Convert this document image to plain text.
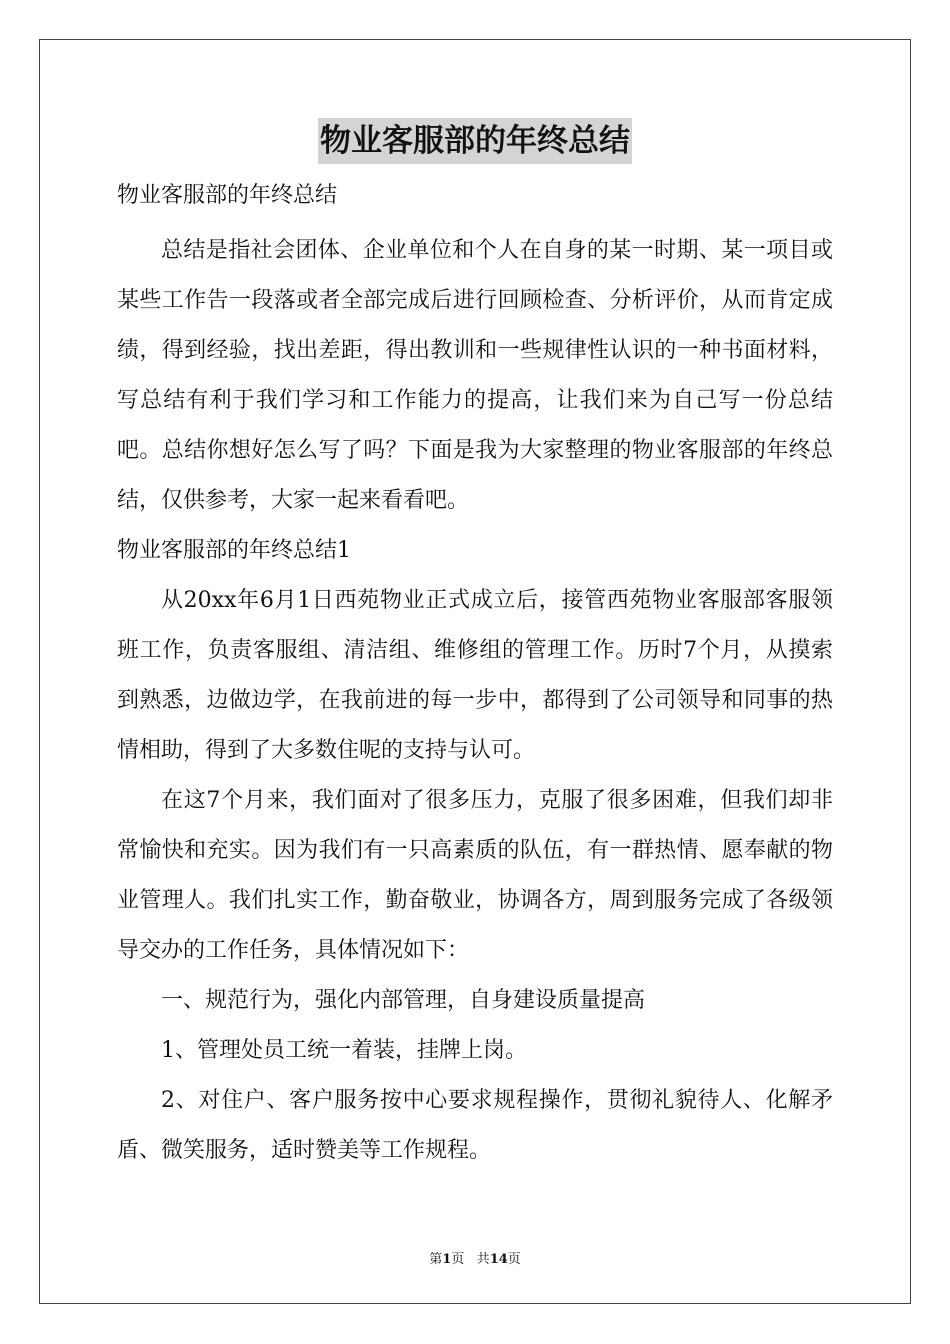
物业客服部的年终总结

物业客服部的年终总结

总结是指社会团体、企业单位和个人在自身的某一时期、某一项目或某些工作告一段落或者全部完成后进行回顾检查、分析评价，从而肯定成绩，得到经验，找出差距，得出教训和一些规律性认识的一种书面材料，写总结有利于我们学习和工作能力的提高，让我们来为自己写一份总结吧。总结你想好怎么写了吗？下面是我为大家整理的物业客服部的年终总结，仅供参考，大家一起来看看吧。

物业客服部的年终总结1

从20xx年6月1日西苑物业正式成立后，接管西苑物业客服部客服领班工作，负责客服组、清洁组、维修组的管理工作。历时7个月，从摸索到熟悉，边做边学，在我前进的每一步中，都得到了公司领导和同事的热情相助，得到了大多数住呢的支持与认可。

在这7个月来，我们面对了很多压力，克服了很多困难，但我们却非常愉快和充实。因为我们有一只高素质的队伍，有一群热情、愿奉献的物业管理人。我们扎实工作，勤奋敬业，协调各方，周到服务完成了各级领导交办的工作任务，具体情况如下：

一、规范行为，强化内部管理，自身建设质量提高

1、管理处员工统一着装，挂牌上岗。

2、对住户、客户服务按中心要求规程操作，贯彻礼貌待人、化解矛盾、微笑服务，适时赞美等工作规程。

第1页 共14页
